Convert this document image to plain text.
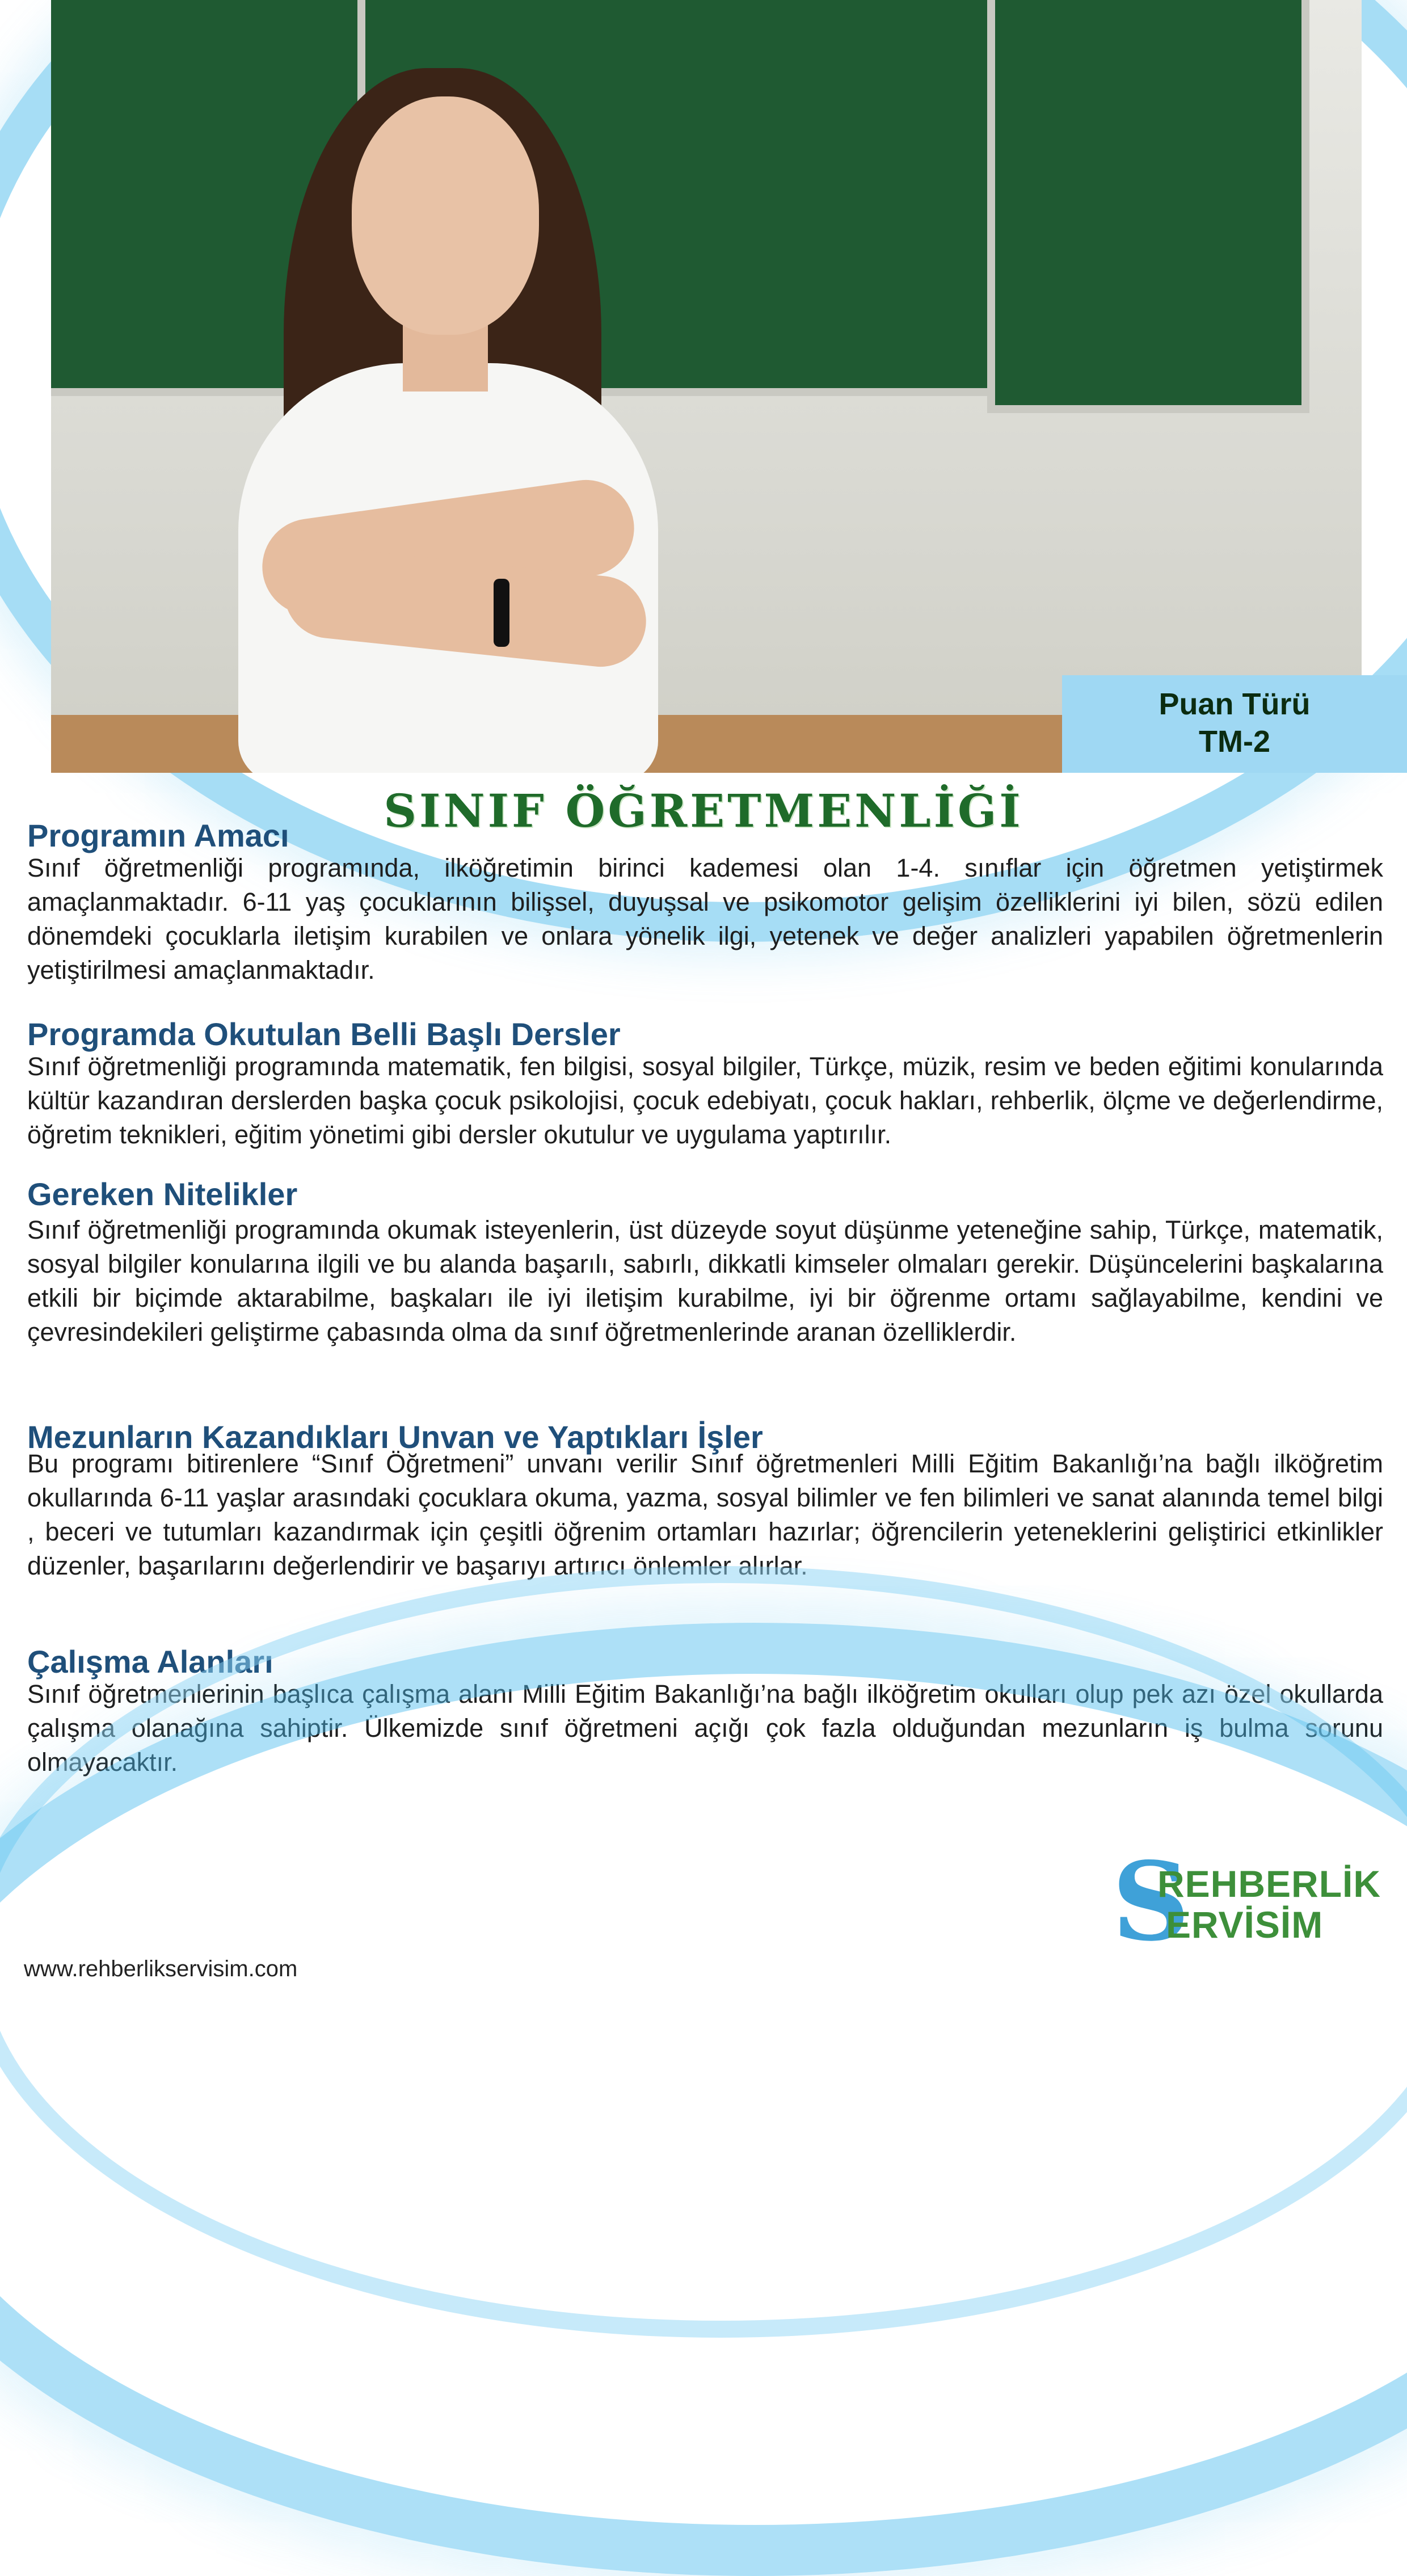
Puan Türü
TM-2
SINIF ÖĞRETMENLİĞİ
Programın Amacı
Sınıf öğretmenliği programında, ilköğretimin birinci kademesi olan 1-4. sınıflar için öğretmen yetiştirmek amaçlanmaktadır. 6-11 yaş çocuklarının bilişsel, duyuşsal ve psikomotor gelişim özelliklerini iyi bilen, sözü edilen dönemdeki çocuklarla iletişim kurabilen ve onlara yönelik ilgi, yetenek ve değer analizleri yapabilen öğretmenlerin yetiştirilmesi amaçlanmaktadır.
Programda Okutulan Belli Başlı Dersler
Sınıf öğretmenliği programında matematik, fen bilgisi, sosyal bilgiler, Türkçe, müzik, resim ve beden eğitimi konularında kültür kazandıran derslerden başka çocuk psikolojisi, çocuk edebiyatı, çocuk hakları, rehberlik, ölçme ve değerlendirme, öğretim teknikleri, eğitim yönetimi gibi dersler okutulur ve uygulama yaptırılır.
Gereken Nitelikler
Sınıf öğretmenliği programında okumak isteyenlerin, üst düzeyde soyut düşünme yeteneğine sahip, Türkçe, matematik, sosyal bilgiler konularına ilgili ve bu alanda başarılı, sabırlı, dikkatli kimseler olmaları gerekir. Düşüncelerini başkalarına etkili bir biçimde aktarabilme, başkaları ile iyi iletişim kurabilme, iyi bir öğrenme ortamı sağlayabilme, kendini ve çevresindekileri geliştirme çabasında olma da sınıf öğretmenlerinde aranan özelliklerdir.
Mezunların Kazandıkları Unvan ve Yaptıkları İşler
Bu programı bitirenlere “Sınıf Öğretmeni” unvanı verilir Sınıf öğretmenleri Milli Eğitim Bakanlığı’na bağlı ilköğretim okullarında 6-11 yaşlar arasındaki çocuklara okuma, yazma, sosyal bilimler ve fen bilimleri ve sanat alanında temel bilgi , beceri ve tutumları kazandırmak için çeşitli öğrenim ortamları hazırlar; öğrencilerin yeteneklerini geliştirici etkinlikler düzenler, başarılarını değerlendirir ve başarıyı artırıcı önlemler alırlar.
Çalışma Alanları
Sınıf öğretmenlerinin başlıca çalışma alanı Milli Eğitim Bakanlığı’na bağlı ilköğretim okulları olup pek azı özel okullarda çalışma olanağına sahiptir. Ülkemizde sınıf öğretmeni açığı çok fazla olduğundan mezunların iş bulma sorunu olmayacaktır.
S
REHBERLİK
ERVİSİM
www.rehberlikservisim.com
